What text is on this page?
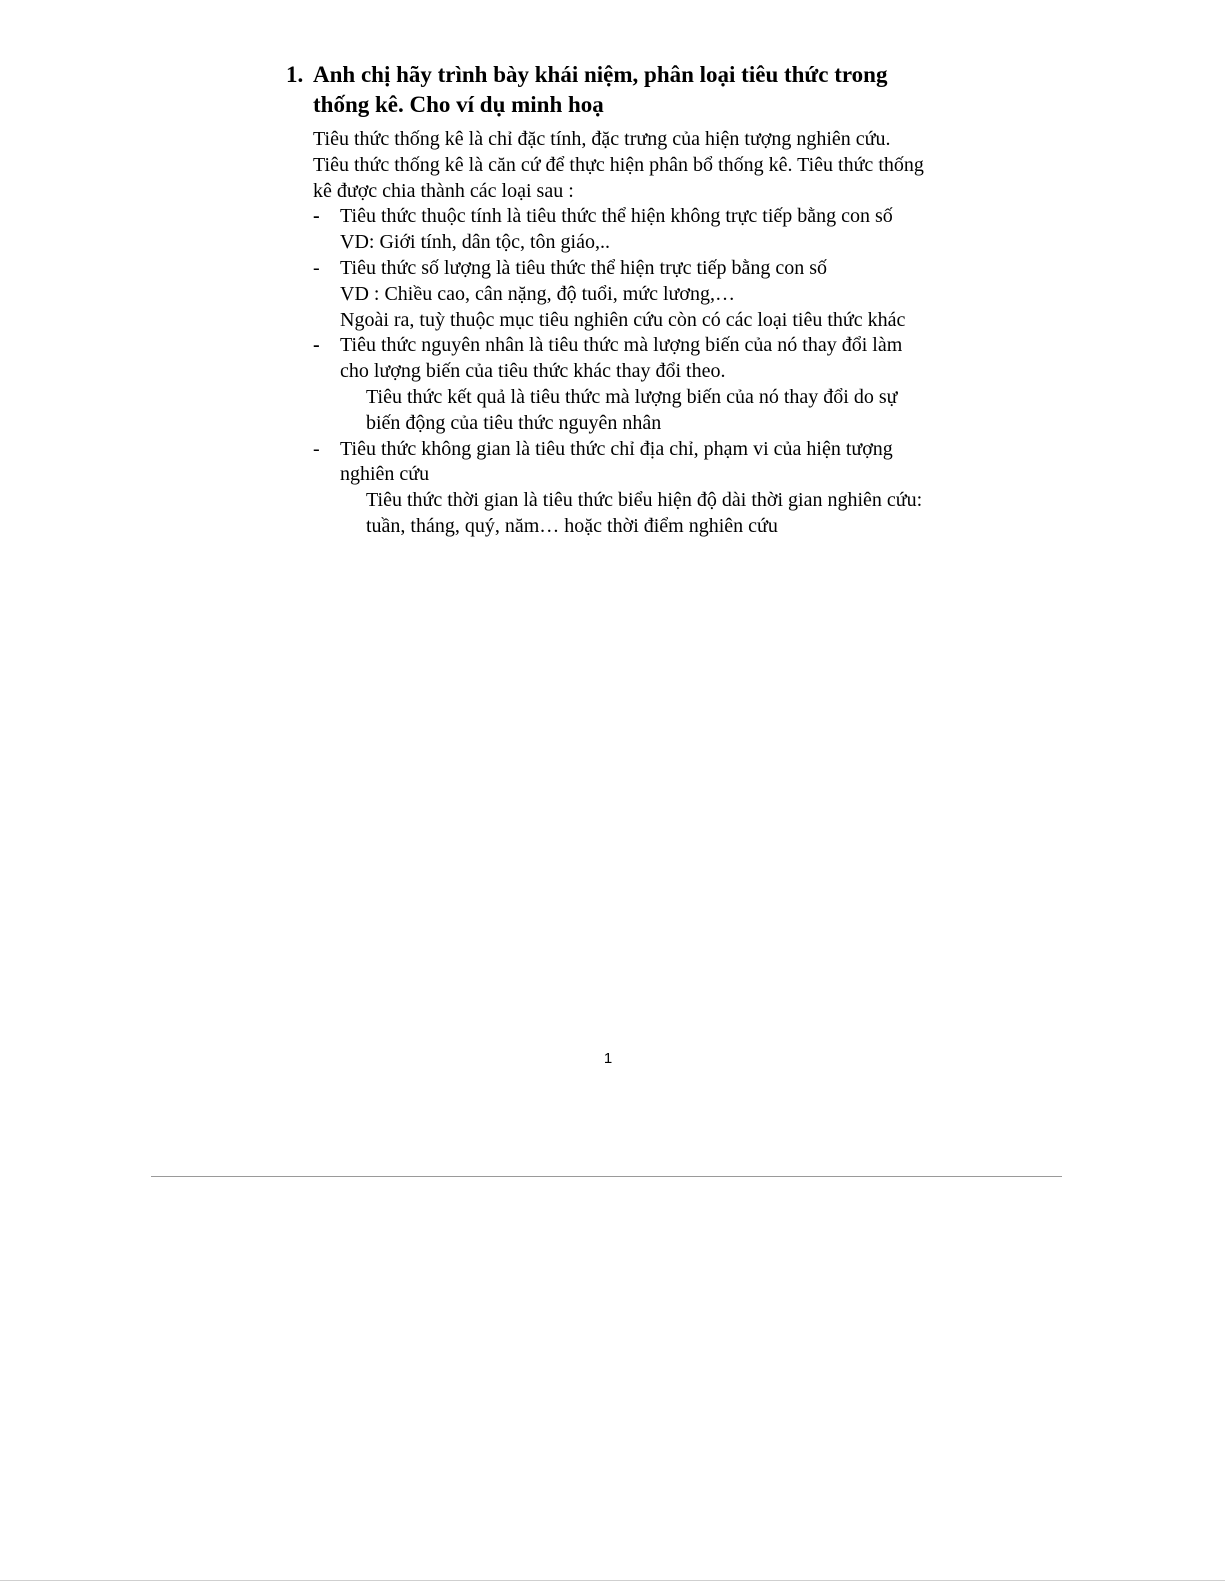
1. Anh chị hãy trình bày khái niệm, phân loại tiêu thức trong
thống kê. Cho ví dụ minh hoạ
Tiêu thức thống kê là chỉ đặc tính, đặc trưng của hiện tượng nghiên cứu.
Tiêu thức thống kê là căn cứ để thực hiện phân bổ thống kê. Tiêu thức thống
kê được chia thành các loại sau :
- Tiêu thức thuộc tính là tiêu thức thể hiện không trực tiếp bằng con số
VD: Giới tính, dân tộc, tôn giáo,..
- Tiêu thức số lượng là tiêu thức thể hiện trực tiếp bằng con số
VD : Chiều cao, cân nặng, độ tuổi, mức lương,…
Ngoài ra, tuỳ thuộc mục tiêu nghiên cứu còn có các loại tiêu thức khác
- Tiêu thức nguyên nhân là tiêu thức mà lượng biến của nó thay đổi làm
cho lượng biến của tiêu thức khác thay đổi theo.
Tiêu thức kết quả là tiêu thức mà lượng biến của nó thay đổi do sự
biến động của tiêu thức nguyên nhân
- Tiêu thức không gian là tiêu thức chỉ địa chỉ, phạm vi của hiện tượng
nghiên cứu
Tiêu thức thời gian là tiêu thức biểu hiện độ dài thời gian nghiên cứu:
tuần, tháng, quý, năm… hoặc thời điểm nghiên cứu
1
